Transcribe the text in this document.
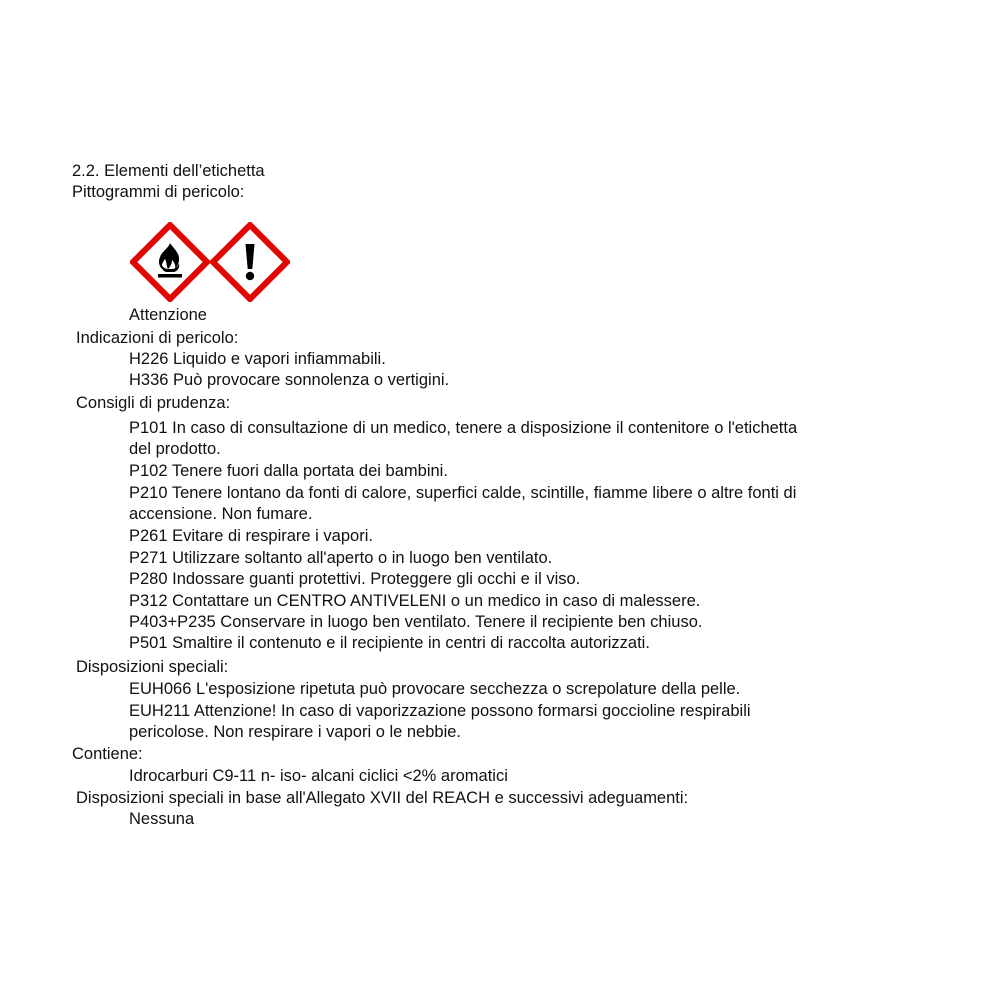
2.2. Elementi dell’etichetta
Pittogrammi di pericolo:
Attenzione
Indicazioni di pericolo:
H226 Liquido e vapori infiammabili.
H336 Può provocare sonnolenza o vertigini.
Consigli di prudenza:
P101 In caso di consultazione di un medico, tenere a disposizione il contenitore o l'etichetta
del prodotto.
P102 Tenere fuori dalla portata dei bambini.
P210 Tenere lontano da fonti di calore, superfici calde, scintille, fiamme libere o altre fonti di
accensione. Non fumare.
P261 Evitare di respirare i vapori.
P271 Utilizzare soltanto all'aperto o in luogo ben ventilato.
P280 Indossare guanti protettivi. Proteggere gli occhi e il viso.
P312 Contattare un CENTRO ANTIVELENI o un medico in caso di malessere.
P403+P235 Conservare in luogo ben ventilato. Tenere il recipiente ben chiuso.
P501 Smaltire il contenuto e il recipiente in centri di raccolta autorizzati.
Disposizioni speciali:
EUH066 L'esposizione ripetuta può provocare secchezza o screpolature della pelle.
EUH211 Attenzione! In caso di vaporizzazione possono formarsi goccioline respirabili
pericolose. Non respirare i vapori o le nebbie.
Contiene:
Idrocarburi C9-11 n- iso- alcani ciclici <2% aromatici
Disposizioni speciali in base all'Allegato XVII del REACH e successivi adeguamenti:
Nessuna
